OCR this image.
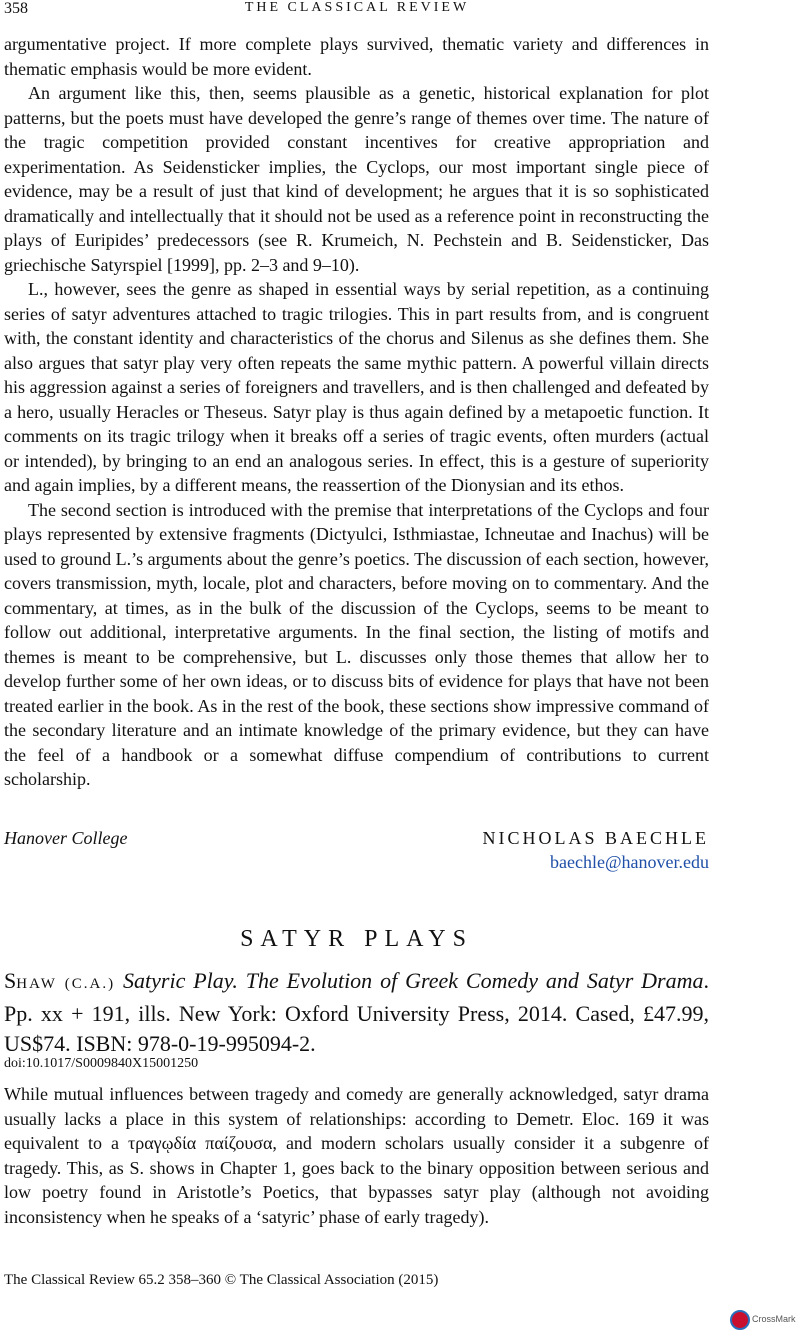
358	THE CLASSICAL REVIEW

argumentative project. If more complete plays survived, thematic variety and differences in thematic emphasis would be more evident.

An argument like this, then, seems plausible as a genetic, historical explanation for plot patterns, but the poets must have developed the genre’s range of themes over time. The nature of the tragic competition provided constant incentives for creative appropriation and experimentation. As Seidensticker implies, the Cyclops, our most important single piece of evidence, may be a result of just that kind of development; he argues that it is so sophisticated dramatically and intellectually that it should not be used as a reference point in reconstructing the plays of Euripides’ predecessors (see R. Krumeich, N. Pechstein and B. Seidensticker, Das griechische Satyrspiel [1999], pp. 2–3 and 9–10).

L., however, sees the genre as shaped in essential ways by serial repetition, as a continuing series of satyr adventures attached to tragic trilogies. This in part results from, and is congruent with, the constant identity and characteristics of the chorus and Silenus as she defines them. She also argues that satyr play very often repeats the same mythic pattern. A powerful villain directs his aggression against a series of foreigners and travellers, and is then challenged and defeated by a hero, usually Heracles or Theseus. Satyr play is thus again defined by a metapoetic function. It comments on its tragic trilogy when it breaks off a series of tragic events, often murders (actual or intended), by bringing to an end an analogous series. In effect, this is a gesture of superiority and again implies, by a different means, the reassertion of the Dionysian and its ethos.

The second section is introduced with the premise that interpretations of the Cyclops and four plays represented by extensive fragments (Dictyulci, Isthmiastae, Ichneutae and Inachus) will be used to ground L.’s arguments about the genre’s poetics. The discussion of each section, however, covers transmission, myth, locale, plot and characters, before moving on to commentary. And the commentary, at times, as in the bulk of the discussion of the Cyclops, seems to be meant to follow out additional, interpretative arguments. In the final section, the listing of motifs and themes is meant to be comprehensive, but L. discusses only those themes that allow her to develop further some of her own ideas, or to discuss bits of evidence for plays that have not been treated earlier in the book. As in the rest of the book, these sections show impressive command of the secondary literature and an intimate knowledge of the primary evidence, but they can have the feel of a handbook or a somewhat diffuse compendium of contributions to current scholarship.

Hanover College	NICHOLAS BAECHLE
baechle@hanover.edu
SATYR PLAYS
SHAW (C.A.) Satyric Play. The Evolution of Greek Comedy and Satyr Drama. Pp. xx + 191, ills. New York: Oxford University Press, 2014. Cased, £47.99, US$74. ISBN: 978-0-19-995094-2.
doi:10.1017/S0009840X15001250

While mutual influences between tragedy and comedy are generally acknowledged, satyr drama usually lacks a place in this system of relationships: according to Demetr. Eloc. 169 it was equivalent to a τραγῳδία παίζουσα, and modern scholars usually consider it a subgenre of tragedy. This, as S. shows in Chapter 1, goes back to the binary opposition between serious and low poetry found in Aristotle’s Poetics, that bypasses satyr play (although not avoiding inconsistency when he speaks of a ‘satyric’ phase of early tragedy).

The Classical Review 65.2 358–360 © The Classical Association (2015)
CrossMark
